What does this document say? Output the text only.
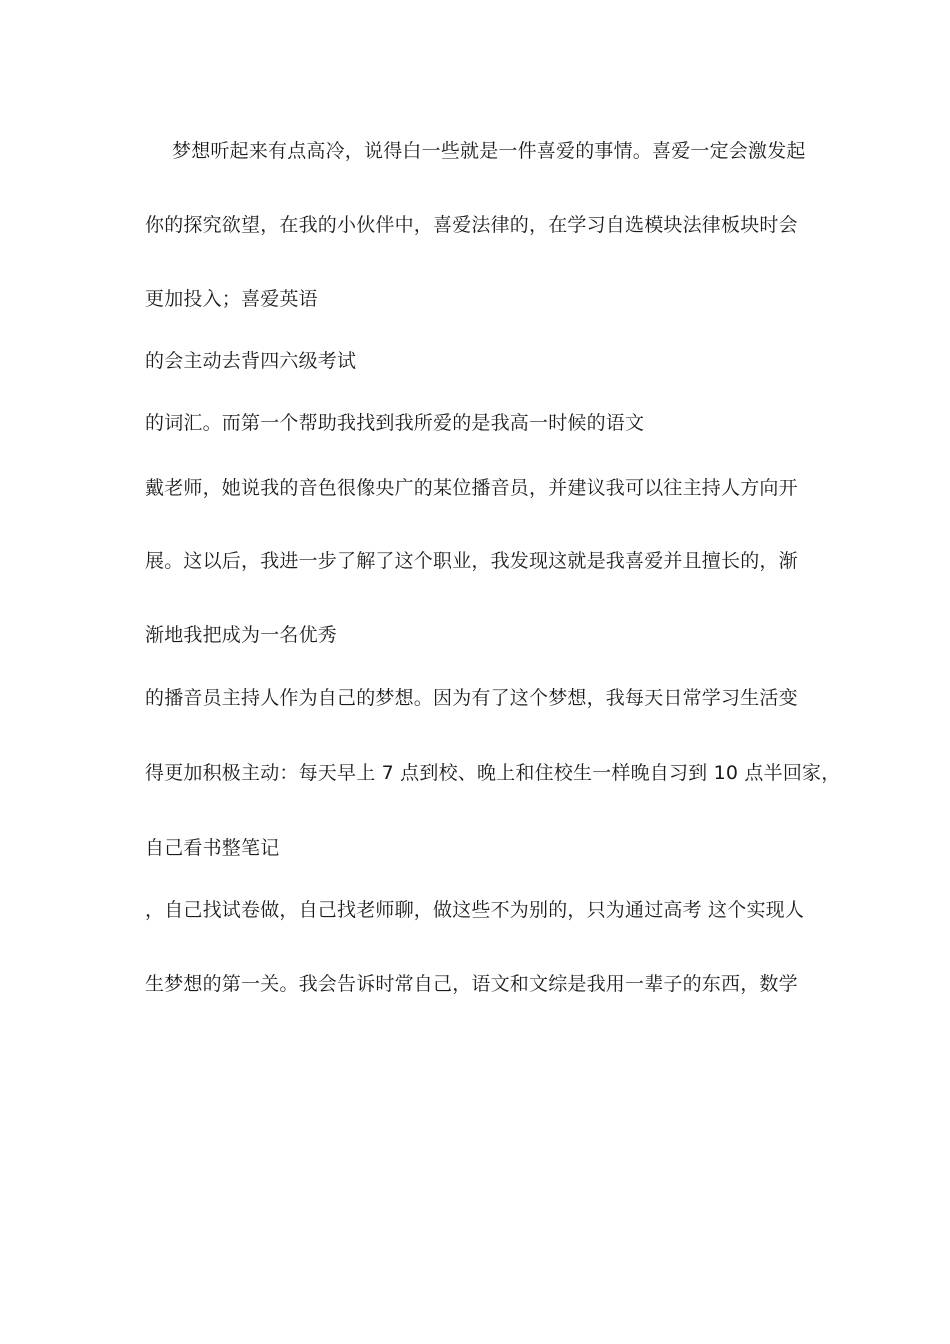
梦想听起来有点高冷，说得白一些就是一件喜爱的事情。喜爱一定会激发起
你的探究欲望，在我的小伙伴中，喜爱法律的，在学习自选模块法律板块时会
更加投入；喜爱英语
的会主动去背四六级考试
的词汇。而第一个帮助我找到我所爱的是我高一时候的语文
戴老师，她说我的音色很像央广的某位播音员，并建议我可以往主持人方向开
展。这以后，我进一步了解了这个职业，我发现这就是我喜爱并且擅长的，渐
渐地我把成为一名优秀
的播音员主持人作为自己的梦想。因为有了这个梦想，我每天日常学习生活变
得更加积极主动：每天早上 7 点到校、晚上和住校生一样晚自习到 10 点半回家，
自己看书整笔记
，自己找试卷做，自己找老师聊，做这些不为别的，只为通过高考 这个实现人
生梦想的第一关。我会告诉时常自己，语文和文综是我用一辈子的东西，数学
